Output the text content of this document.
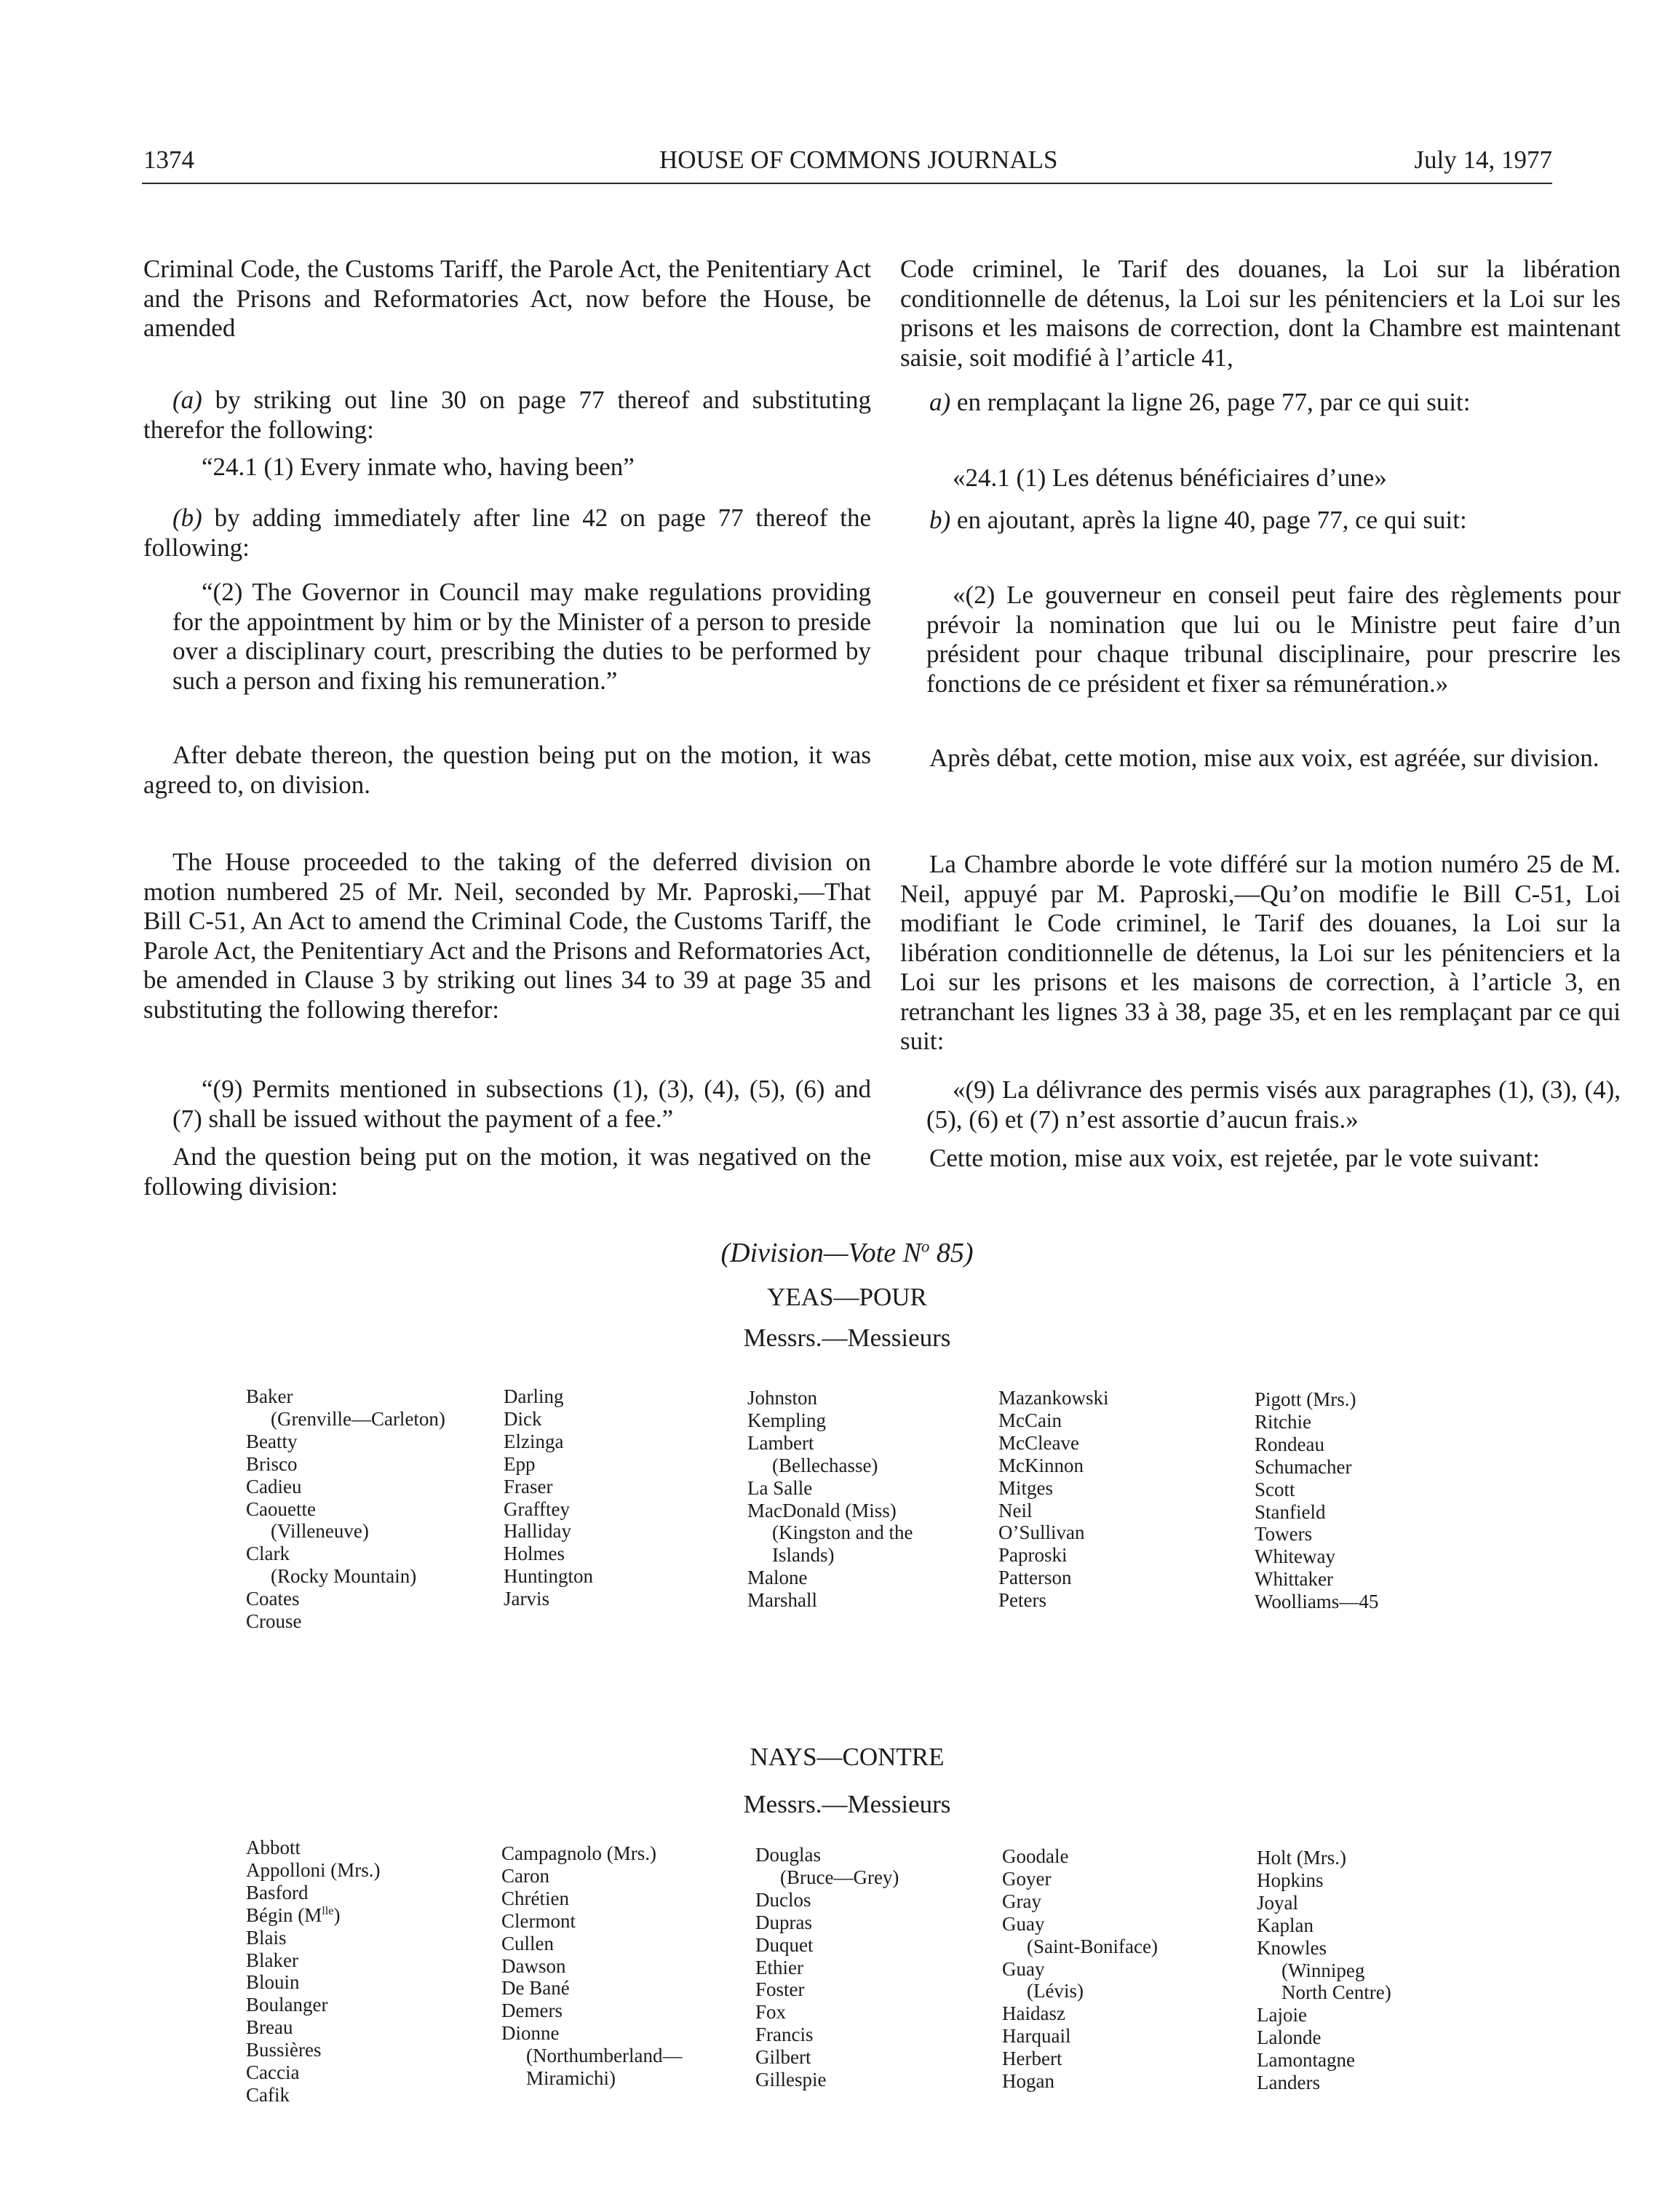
1374	HOUSE OF COMMONS JOURNALS	July 14, 1977

Criminal Code, the Customs Tariff, the Parole Act, the Penitentiary Act and the Prisons and Reformatories Act, now before the House, be amended

(a) by striking out line 30 on page 77 thereof and substituting therefor the following:

“24.1 (1) Every inmate who, having been”

(b) by adding immediately after line 42 on page 77 thereof the following:

“(2) The Governor in Council may make regulations providing for the appointment by him or by the Minister of a person to preside over a disciplinary court, prescribing the duties to be performed by such a person and fixing his remuneration.”

After debate thereon, the question being put on the motion, it was agreed to, on division.

The House proceeded to the taking of the deferred division on motion numbered 25 of Mr. Neil, seconded by Mr. Paproski,—That Bill C-51, An Act to amend the Criminal Code, the Customs Tariff, the Parole Act, the Penitentiary Act and the Prisons and Reformatories Act, be amended in Clause 3 by striking out lines 34 to 39 at page 35 and substituting the following therefor:

“(9) Permits mentioned in subsections (1), (3), (4), (5), (6) and (7) shall be issued without the payment of a fee.”

And the question being put on the motion, it was negatived on the following division:

Code criminel, le Tarif des douanes, la Loi sur la libération conditionnelle de détenus, la Loi sur les pénitenciers et la Loi sur les prisons et les maisons de correction, dont la Chambre est maintenant saisie, soit modifié à l’article 41,

a) en remplaçant la ligne 26, page 77, par ce qui suit:

«24.1 (1) Les détenus bénéficiaires d’une»

b) en ajoutant, après la ligne 40, page 77, ce qui suit:

«(2) Le gouverneur en conseil peut faire des règlements pour prévoir la nomination que lui ou le Ministre peut faire d’un président pour chaque tribunal disciplinaire, pour prescrire les fonctions de ce président et fixer sa rémunération.»

Après débat, cette motion, mise aux voix, est agréée, sur division.

La Chambre aborde le vote différé sur la motion numéro 25 de M. Neil, appuyé par M. Paproski,—Qu’on modifie le Bill C-51, Loi modifiant le Code criminel, le Tarif des douanes, la Loi sur la libération conditionnelle de détenus, la Loi sur les pénitenciers et la Loi sur les prisons et les maisons de correction, à l’article 3, en retranchant les lignes 33 à 38, page 35, et en les remplaçant par ce qui suit:

«(9) La délivrance des permis visés aux paragraphes (1), (3), (4), (5), (6) et (7) n’est assortie d’aucun frais.»

Cette motion, mise aux voix, est rejetée, par le vote suivant:

(Division—Vote $N^o$ 85)
YEAS—POUR
Messrs.—Messieurs
Baker
(Grenville—Carleton)
Beatty
Brisco
Cadieu
Caouette
(Villeneuve)
Clark
(Rocky Mountain)
Coates
Crouse
Darling
Dick
Elzinga
Epp
Fraser
Grafftey
Halliday
Holmes
Huntington
Jarvis
Johnston
Kempling
Lambert
(Bellechasse)
La Salle
MacDonald (Miss)
(Kingston and the
Islands)
Malone
Marshall
Mazankowski
McCain
McCleave
McKinnon
Mitges
Neil
O’Sullivan
Paproski
Patterson
Peters
Pigott (Mrs.)
Ritchie
Rondeau
Schumacher
Scott
Stanfield
Towers
Whiteway
Whittaker
Woolliams—45
NAYS—CONTRE
Messrs.—Messieurs
Abbott
Appolloni (Mrs.)
Basford
Bégin $(M^{lle})$
Blais
Blaker
Blouin
Boulanger
Breau
Bussières
Caccia
Cafik
Campagnolo (Mrs.)
Caron
Chrétien
Clermont
Cullen
Dawson
De Bané
Demers
Dionne
(Northumberland—
Miramichi)
Douglas
(Bruce—Grey)
Duclos
Dupras
Duquet
Ethier
Foster
Fox
Francis
Gilbert
Gillespie
Goodale
Goyer
Gray
Guay
(Saint-Boniface)
Guay
(Lévis)
Haidasz
Harquail
Herbert
Hogan
Holt (Mrs.)
Hopkins
Joyal
Kaplan
Knowles
(Winnipeg
North Centre)
Lajoie
Lalonde
Lamontagne
Landers
